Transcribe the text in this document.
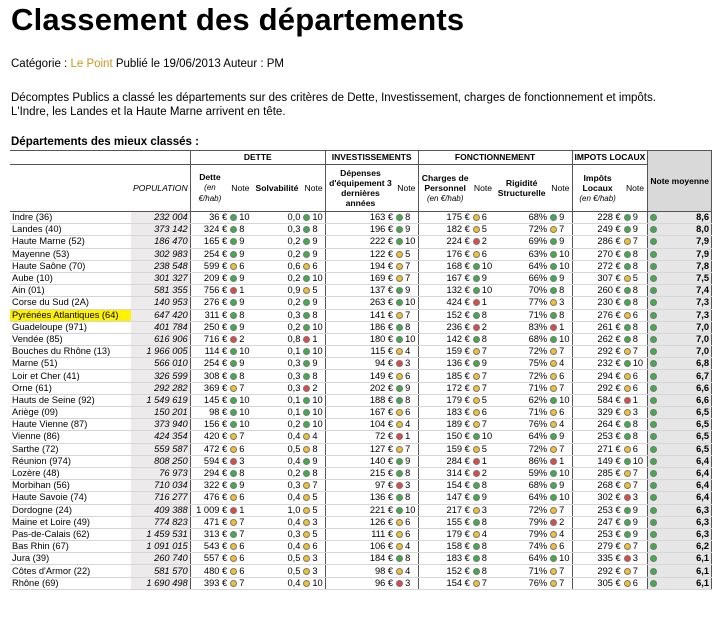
Classement des départements
Catégorie : Le Point Publié le 19/06/2013 Auteur : PM
Décomptes Publics a classé les départements sur des critères de Dette, Investissement, charges de fonctionnement et impôts. L'Indre, les Landes et la Haute Marne arrivent en tête.
Départements des mieux classés :
		DETTE				INVESTISSEMENTS		FONCTIONNEMENT				IMPOTS LOCAUX		Note moyenne
	POPULATION	Dette
(en €/hab)	Note	Solvabilité	Note	Dépenses d'équipement 3 dernières années	Note	Charges de Personnel
(en €/hab)	Note	Rigidité Structurelle	Note	Impôts Locaux
(en €/hab)	Note	
Indre (36)	232 004	36 €	10	0,0	10	163 €	8	175 €	6	68%	9	228 €	9	8,6

Landes (40)	373 142	324 €	8	0,3	8	196 €	9	182 €	5	72%	7	249 €	9	8,0

Haute Marne (52)	186 470	165 €	9	0,2	9	222 €	10	224 €	2	69%	9	286 €	7	7,9

Mayenne (53)	302 983	254 €	9	0,2	9	122 €	5	176 €	6	63%	10	270 €	8	7,9

Haute Saône (70)	238 548	599 €	6	0,6	6	194 €	7	168 €	10	64%	10	272 €	8	7,8

Aube (10)	301 327	209 €	9	0,2	10	169 €	7	167 €	9	66%	9	307 €	5	7,5

Ain (01)	581 355	756 €	1	0,9	5	137 €	9	132 €	10	70%	8	260 €	8	7,4

Corse du Sud (2A)	140 953	276 €	9	0,2	9	263 €	10	424 €	1	77%	3	230 €	8	7,3

Pyrénées Atlantiques (64)	647 420	311 €	8	0,3	8	141 €	7	152 €	8	71%	8	276 €	6	7,3

Guadeloupe (971)	401 784	250 €	9	0,2	10	186 €	8	236 €	2	83%	1	261 €	8	7,0

Vendée (85)	616 906	716 €	2	0,8	1	180 €	10	142 €	8	68%	10	262 €	8	7,0

Bouches du Rhône (13)	1 966 005	114 €	10	0,1	10	115 €	4	159 €	7	72%	7	292 €	7	7,0

Marne (51)	566 010	254 €	9	0,3	9	94 €	3	136 €	9	75%	4	232 €	10	6,8

Loir et Cher (41)	326 599	308 €	8	0,3	8	149 €	6	185 €	7	72%	6	294 €	6	6,7

Orne (61)	292 282	369 €	7	0,3	2	202 €	9	172 €	7	71%	7	292 €	6	6,6

Hauts de Seine (92)	1 549 619	145 €	10	0,1	10	188 €	8	179 €	5	62%	10	584 €	1	6,6

Ariège (09)	150 201	98 €	10	0,1	10	167 €	6	183 €	6	71%	6	329 €	3	6,5

Haute Vienne (87)	373 940	156 €	10	0,2	10	104 €	4	189 €	7	76%	4	264 €	8	6,5

Vienne (86)	424 354	420 €	7	0,4	4	72 €	1	150 €	10	64%	9	253 €	8	6,5

Sarthe (72)	559 587	472 €	6	0,5	8	127 €	7	159 €	5	72%	7	271 €	6	6,5

Réunion (974)	808 250	594 €	3	0,4	9	140 €	9	284 €	1	86%	1	149 €	10	6,4

Lozère (48)	76 973	294 €	8	0,2	8	215 €	8	314 €	2	59%	10	285 €	7	6,4

Morbihan (56)	710 034	322 €	9	0,3	7	97 €	3	154 €	8	68%	9	268 €	7	6,4

Haute Savoie (74)	716 277	476 €	6	0,4	5	136 €	8	147 €	9	64%	10	302 €	3	6,4

Dordogne (24)	409 388	1 009 €	1	1,0	5	221 €	10	217 €	3	72%	7	253 €	9	6,3

Maine et Loire (49)	774 823	471 €	7	0,4	3	126 €	6	155 €	8	79%	2	247 €	9	6,3

Pas-de-Calais (62)	1 459 531	313 €	7	0,3	5	111 €	6	179 €	4	79%	4	253 €	9	6,3

Bas Rhin (67)	1 091 015	543 €	6	0,4	6	106 €	4	158 €	8	74%	6	279 €	7	6,2

Jura (39)	260 740	557 €	6	0,5	3	184 €	8	183 €	8	64%	10	335 €	3	6,1

Côtes d'Armor (22)	581 570	480 €	6	0,5	3	98 €	4	152 €	8	71%	7	292 €	7	6,1

Rhône (69)	1 690 498	393 €	7	0,4	10	96 €	3	154 €	7	76%	7	305 €	6	6,1
